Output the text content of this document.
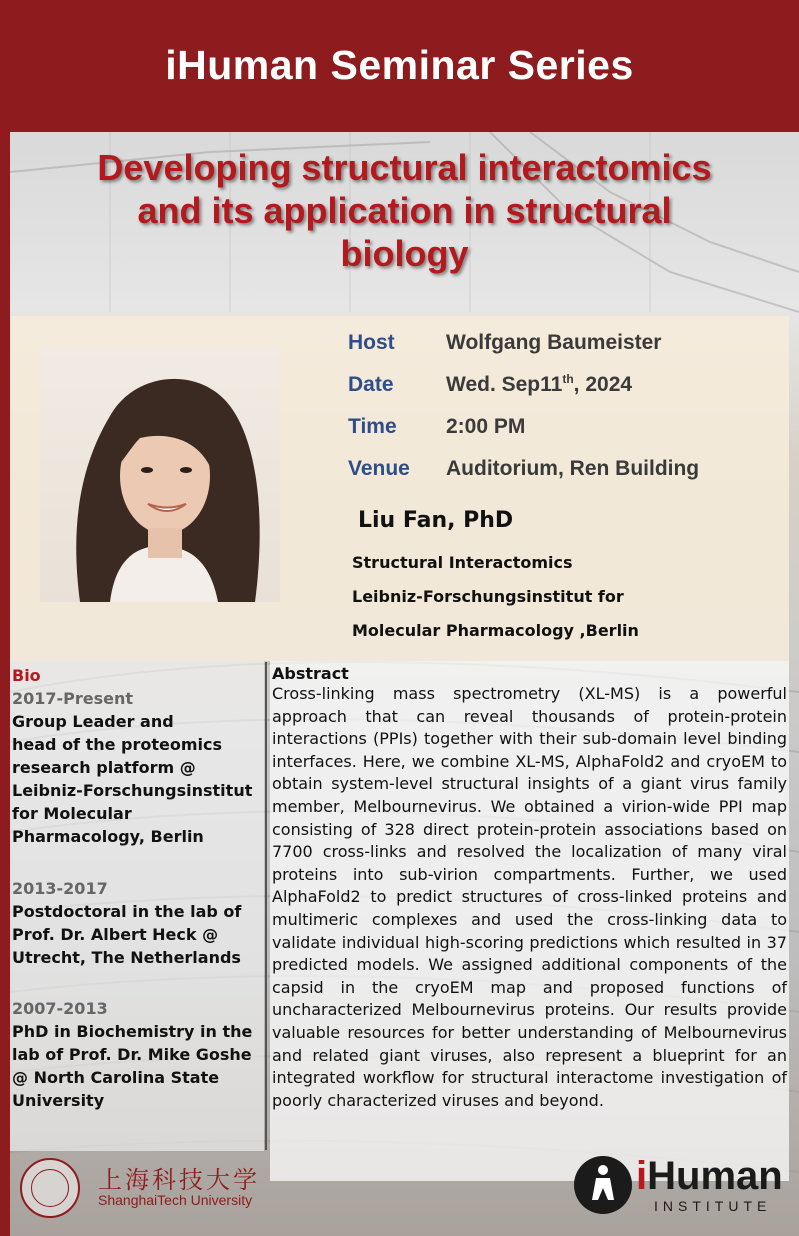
iHuman Seminar Series
Developing structural interactomics
and its application in structural
biology
Host Wolfgang Baumeister
Date Wed. Sep11th, 2024
Time 2:00 PM
Venue Auditorium, Ren Building
Liu Fan, PhD
Structural Interactomics
Leibniz-Forschungsinstitut for
Molecular Pharmacology ,Berlin
Bio
2017-Present
Group Leader and
head of the proteomics
research platform @
Leibniz-Forschungsinstitut
for Molecular
Pharmacology, Berlin
2013-2017
Postdoctoral in the lab of
Prof. Dr. Albert Heck @
Utrecht, The Netherlands
2007-2013
PhD in Biochemistry in the
lab of Prof. Dr. Mike Goshe
@ North Carolina State
University
Abstract
Cross-linking mass spectrometry (XL-MS) is a powerful approach that can reveal thousands of protein-protein interactions (PPIs) together with their sub-domain level binding interfaces. Here, we combine XL-MS, AlphaFold2 and cryoEM to obtain system-level structural insights of a giant virus family member, Melbournevirus. We obtained a virion-wide PPI map consisting of 328 direct protein-protein associations based on 7700 cross-links and resolved the localization of many viral proteins into sub-virion compartments. Further, we used AlphaFold2 to predict structures of cross-linked proteins and multimeric complexes and used the cross-linking data to validate individual high-scoring predictions which resulted in 37 predicted models. We assigned additional components of the capsid in the cryoEM map and proposed functions of uncharacterized Melbournevirus proteins. Our results provide valuable resources for better understanding of Melbournevirus and related giant viruses, also represent a blueprint for an integrated workflow for structural interactome investigation of poorly characterized viruses and beyond.
上海科技大学
ShanghaiTech University
iHuman
INSTITUTE
